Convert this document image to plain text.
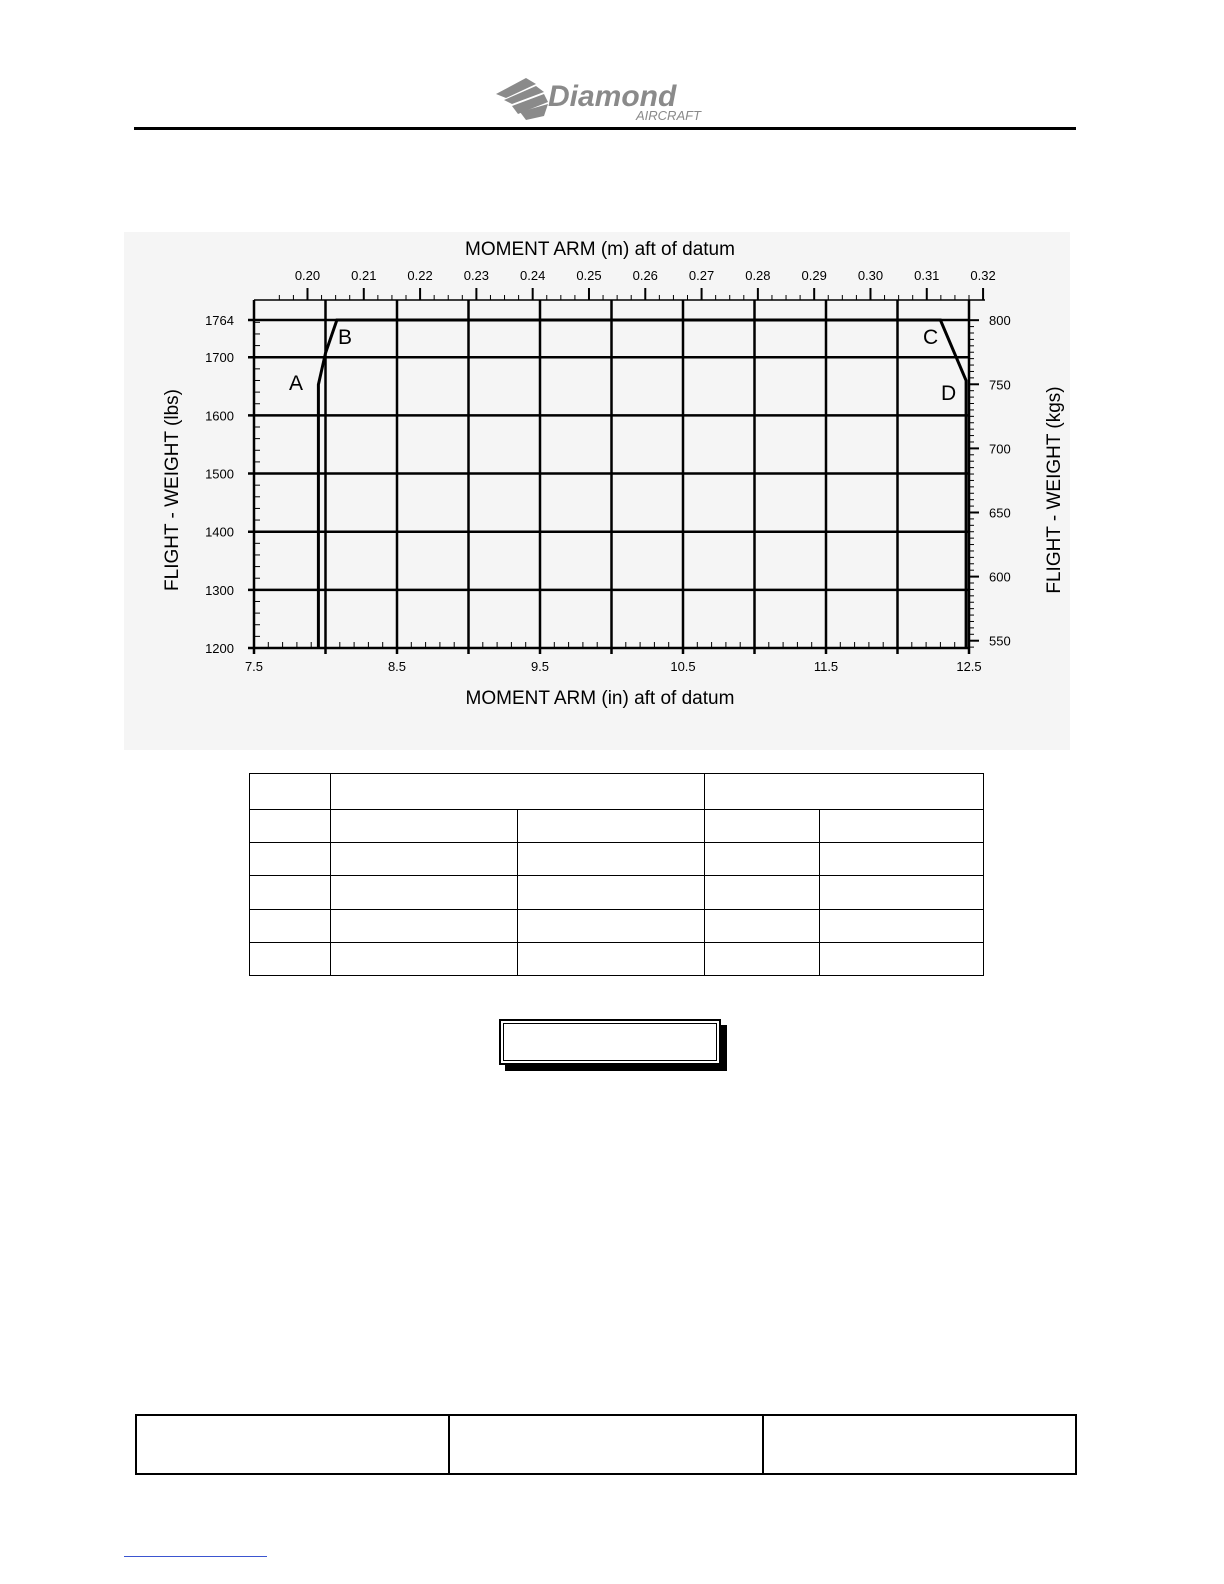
Diamond
AIRCRAFT
7.5	8.5	9.5	10.5	11.5	12.5
0.20 0.21 0.22 0.23 0.24 0.25 0.26 0.27 0.28 0.29 0.30 0.31 0.32
1200
1300
1400
1500
1600
1700
1764
550
600
650
700
750
800
MOMENT ARM (m) aft of datum
MOMENT ARM (in) aft of datum
FLIGHT - WEIGHT (lbs)	FLIGHT - WEIGHT (kgs)
A
B	C
D
